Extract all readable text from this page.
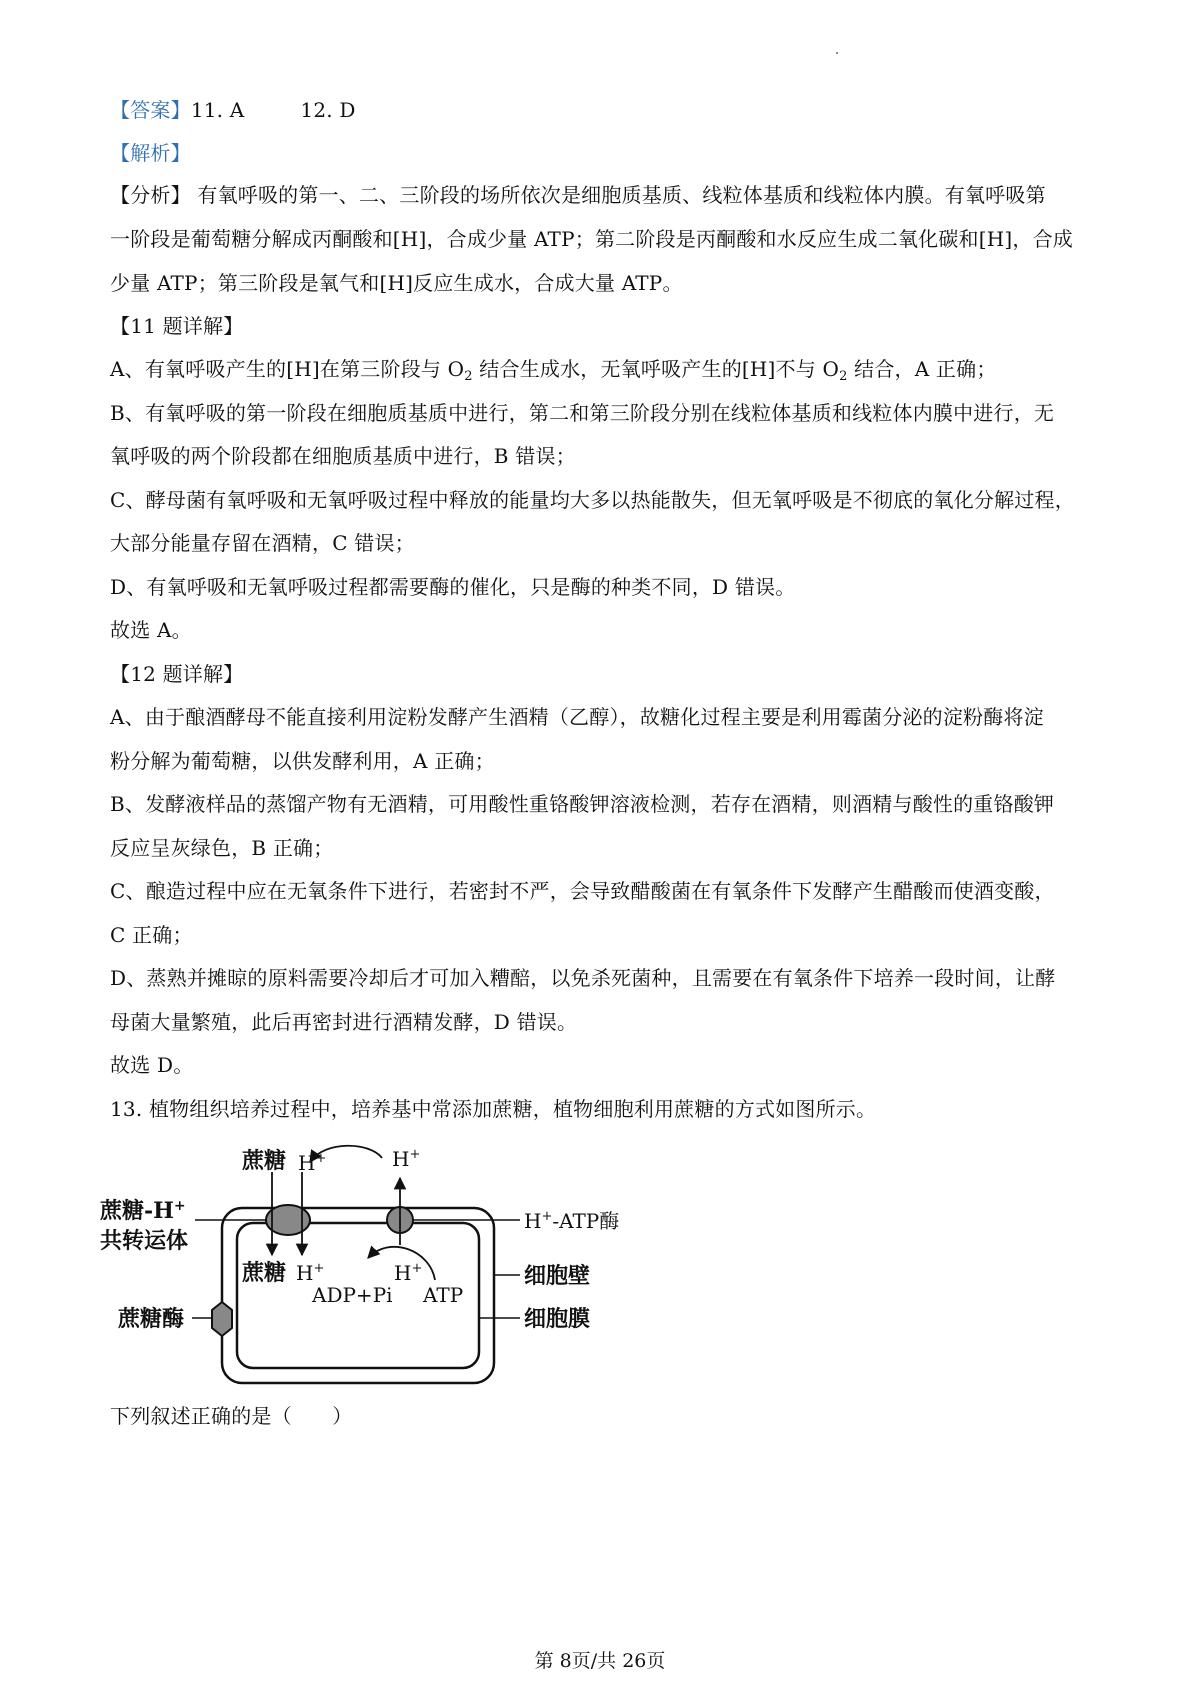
【答案】11. A	12. D
【解析】
【分析】 有氧呼吸的第一、二、三阶段的场所依次是细胞质基质、线粒体基质和线粒体内膜。有氧呼吸第
一阶段是葡萄糖分解成丙酮酸和[H]，合成少量 ATP；第二阶段是丙酮酸和水反应生成二氧化碳和[H]，合成
少量 ATP；第三阶段是氧气和[H]反应生成水，合成大量 ATP。
【11 题详解】
A、有氧呼吸产生的[H]在第三阶段与 $O_2$ 结合生成水，无氧呼吸产生的[H]不与 $O_2$ 结合，A 正确；
B、有氧呼吸的第一阶段在细胞质基质中进行，第二和第三阶段分别在线粒体基质和线粒体内膜中进行，无
氧呼吸的两个阶段都在细胞质基质中进行，B 错误；
C、酵母菌有氧呼吸和无氧呼吸过程中释放的能量均大多以热能散失，但无氧呼吸是不彻底的氧化分解过程，
大部分能量存留在酒精，C 错误；
D、有氧呼吸和无氧呼吸过程都需要酶的催化，只是酶的种类不同，D 错误。
故选 A。
【12 题详解】
A、由于酿酒酵母不能直接利用淀粉发酵产生酒精（乙醇），故糖化过程主要是利用霉菌分泌的淀粉酶将淀
粉分解为葡萄糖，以供发酵利用，A 正确；
B、发酵液样品的蒸馏产物有无酒精，可用酸性重铬酸钾溶液检测，若存在酒精，则酒精与酸性的重铬酸钾
反应呈灰绿色，B 正确；
C、酿造过程中应在无氧条件下进行，若密封不严，会导致醋酸菌在有氧条件下发酵产生醋酸而使酒变酸，
C 正确；
D、蒸熟并摊晾的原料需要冷却后才可加入糟醅，以免杀死菌种，且需要在有氧条件下培养一段时间，让酵
母菌大量繁殖，此后再密封进行酒精发酵，D 错误。
故选 D。
13. 植物组织培养过程中，培养基中常添加蔗糖，植物细胞利用蔗糖的方式如图所示。
蔗糖 H+	H+
蔗糖-H+
共转运体
H+-ATP酶
蔗糖 H+	H+
ADP+Pi ATP
细胞壁
细胞膜
蔗糖酶
下列叙述正确的是（　　）
第 8页/共 26页
